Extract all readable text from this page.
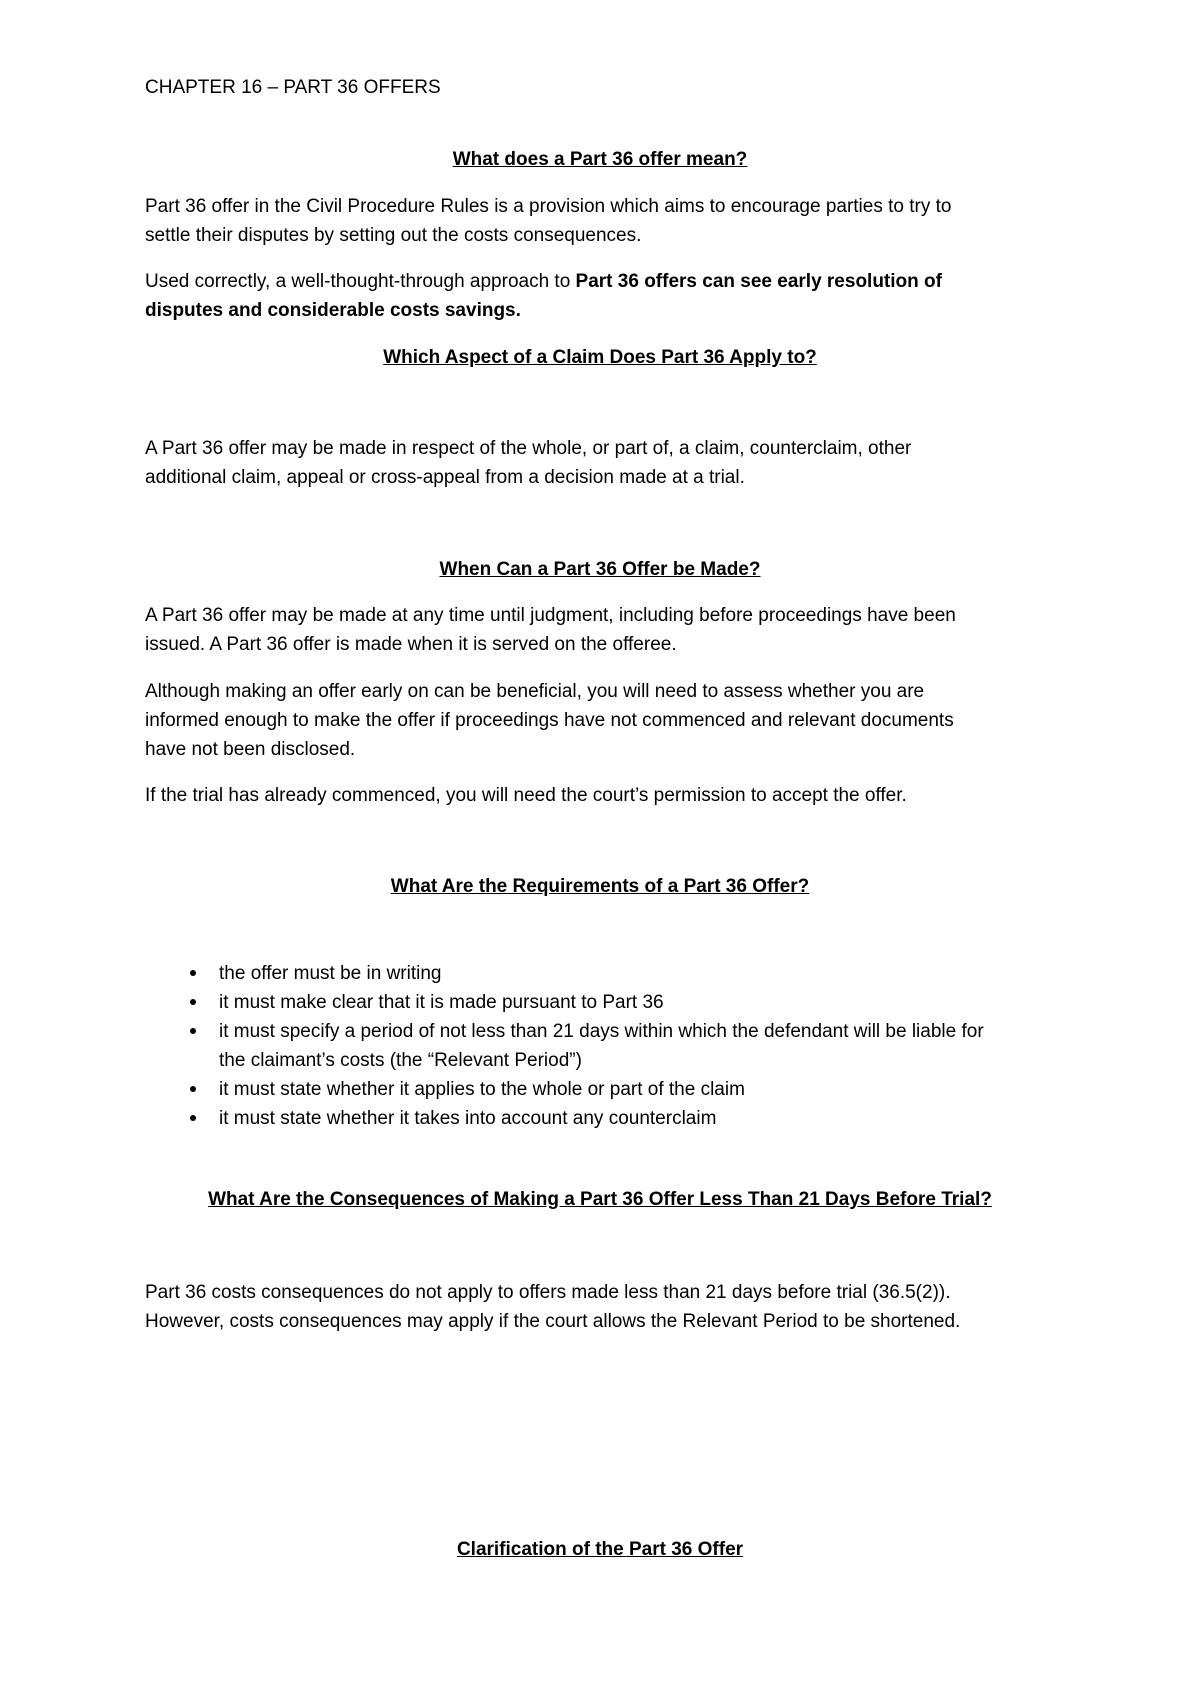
CHAPTER 16 – PART 36 OFFERS
What does a Part 36 offer mean?
Part 36 offer in the Civil Procedure Rules is a provision which aims to encourage parties to try to
settle their disputes by setting out the costs consequences.
Used correctly, a well-thought-through approach to Part 36 offers can see early resolution of
disputes and considerable costs savings.
Which Aspect of a Claim Does Part 36 Apply to?
A Part 36 offer may be made in respect of the whole, or part of, a claim, counterclaim, other
additional claim, appeal or cross-appeal from a decision made at a trial.
When Can a Part 36 Offer be Made?
A Part 36 offer may be made at any time until judgment, including before proceedings have been
issued. A Part 36 offer is made when it is served on the offeree.
Although making an offer early on can be beneficial, you will need to assess whether you are
informed enough to make the offer if proceedings have not commenced and relevant documents
have not been disclosed.
If the trial has already commenced, you will need the court’s permission to accept the offer.
What Are the Requirements of a Part 36 Offer?
the offer must be in writing
it must make clear that it is made pursuant to Part 36
it must specify a period of not less than 21 days within which the defendant will be liable for
the claimant’s costs (the “Relevant Period”)
it must state whether it applies to the whole or part of the claim
it must state whether it takes into account any counterclaim
What Are the Consequences of Making a Part 36 Offer Less Than 21 Days Before Trial?
Part 36 costs consequences do not apply to offers made less than 21 days before trial (36.5(2)).
However, costs consequences may apply if the court allows the Relevant Period to be shortened.
Clarification of the Part 36 Offer
